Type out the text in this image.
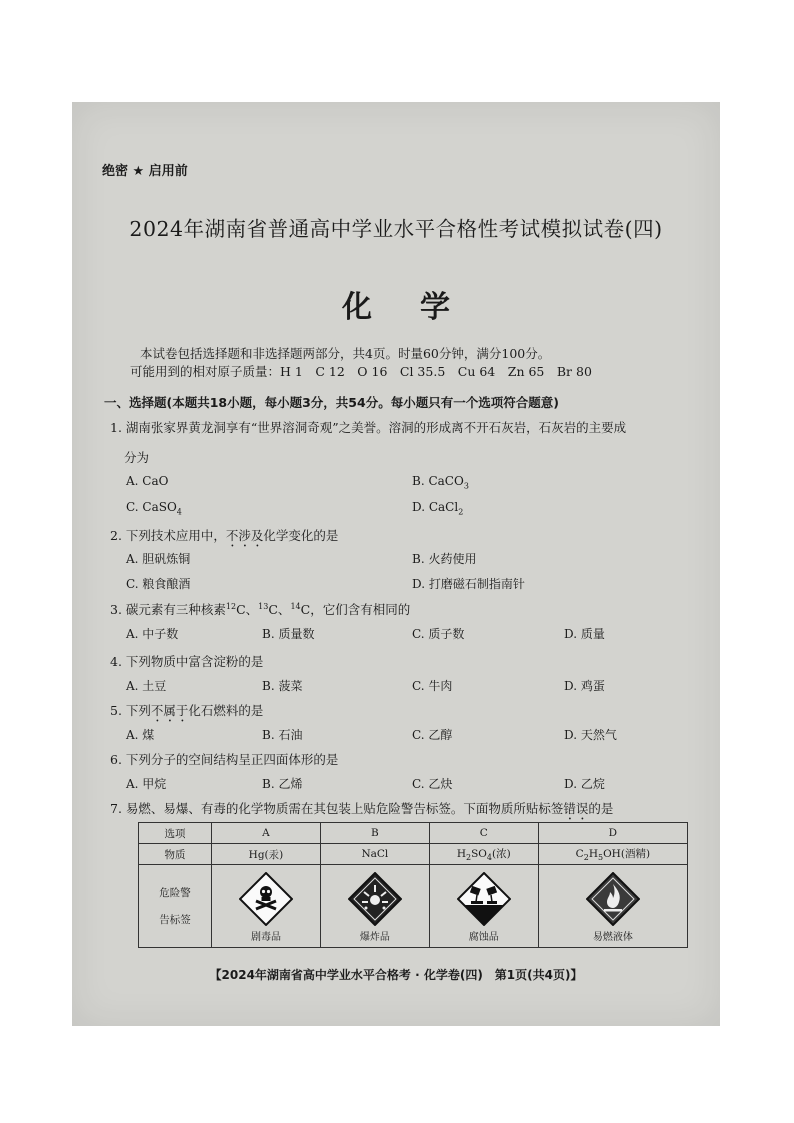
绝密 ★ 启用前
2024年湖南省普通高中学业水平合格性考试模拟试卷(四)
化学
本试卷包括选择题和非选择题两部分，共4页。时量60分钟，满分100分。
可能用到的相对原子质量：H 1　C 12　O 16　Cl 35.5　Cu 64　Zn 65　Br 80
一、选择题(本题共18小题，每小题3分，共54分。每小题只有一个选项符合题意)
1. 湖南张家界黄龙洞享有“世界溶洞奇观”之美誉。溶洞的形成离不开石灰岩，石灰岩的主要成
分为
A. CaO	B. CaCO$_3$
C. CaSO$_4$	D. CaCl$_2$
2. 下列技术应用中，不涉及化学变化的是
A. 胆矾炼铜	B. 火药使用
C. 粮食酿酒	D. 打磨磁石制指南针
3. 碳元素有三种核素$^{12}$C、$^{13}$C、$^{14}$C，它们含有相同的
A. 中子数	B. 质量数	C. 质子数	D. 质量
4. 下列物质中富含淀粉的是
A. 土豆	B. 菠菜	C. 牛肉	D. 鸡蛋
5. 下列不属于化石燃料的是
A. 煤	B. 石油	C. 乙醇	D. 天然气
6. 下列分子的空间结构呈正四面体形的是
A. 甲烷	B. 乙烯	C. 乙炔	D. 乙烷
7. 易燃、易爆、有毒的化学物质需在其包装上贴危险警告标签。下面物质所贴标签错误的是
选项	A	B	C	D
物质	Hg(汞)	NaCl	$H_2SO_4$(浓)	$C_2H_5OH$(酒精)
危险警

告标签	剧毒品	爆炸品	腐蚀品	易燃液体
【2024年湖南省高中学业水平合格考 · 化学卷(四)　第1页(共4页)】
